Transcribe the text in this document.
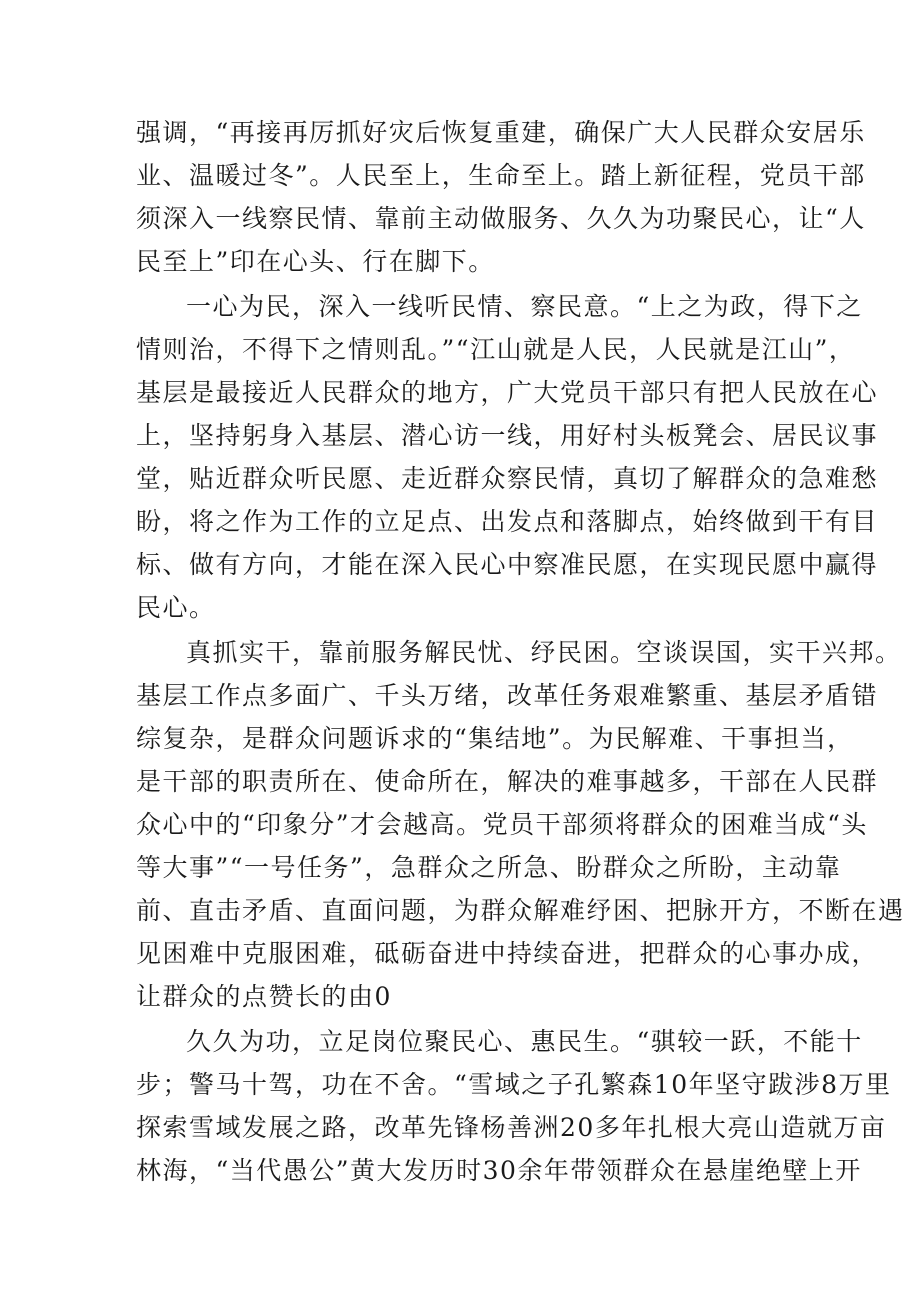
强调，“再接再厉抓好灾后恢复重建，确保广大人民群众安居乐
业、温暖过冬”。人民至上，生命至上。踏上新征程，党员干部
须深入一线察民情、靠前主动做服务、久久为功聚民心，让“人
民至上”印在心头、行在脚下。
一心为民，深入一线听民情、察民意。“上之为政，得下之
情则治，不得下之情则乱。”“江山就是人民，人民就是江山”，
基层是最接近人民群众的地方，广大党员干部只有把人民放在心
上，坚持躬身入基层、潜心访一线，用好村头板凳会、居民议事
堂，贴近群众听民愿、走近群众察民情，真切了解群众的急难愁
盼，将之作为工作的立足点、出发点和落脚点，始终做到干有目
标、做有方向，才能在深入民心中察准民愿，在实现民愿中赢得
民心。
真抓实干，靠前服务解民忧、纾民困。空谈误国，实干兴邦。
基层工作点多面广、千头万绪，改革任务艰难繁重、基层矛盾错
综复杂，是群众问题诉求的“集结地”。为民解难、干事担当，
是干部的职责所在、使命所在，解决的难事越多，干部在人民群
众心中的“印象分”才会越高。党员干部须将群众的困难当成“头
等大事”“一号任务”，急群众之所急、盼群众之所盼，主动靠
前、直击矛盾、直面问题，为群众解难纾困、把脉开方，不断在遇
见困难中克服困难，砥砺奋进中持续奋进，把群众的心事办成，
让群众的点赞长的由0
久久为功，立足岗位聚民心、惠民生。“骐较一跃，不能十
步；警马十驾，功在不舍。“雪域之子孔繁森10年坚守跋涉8万里
探索雪域发展之路，改革先锋杨善洲20多年扎根大亮山造就万亩
林海，“当代愚公”黄大发历时30余年带领群众在悬崖绝壁上开
